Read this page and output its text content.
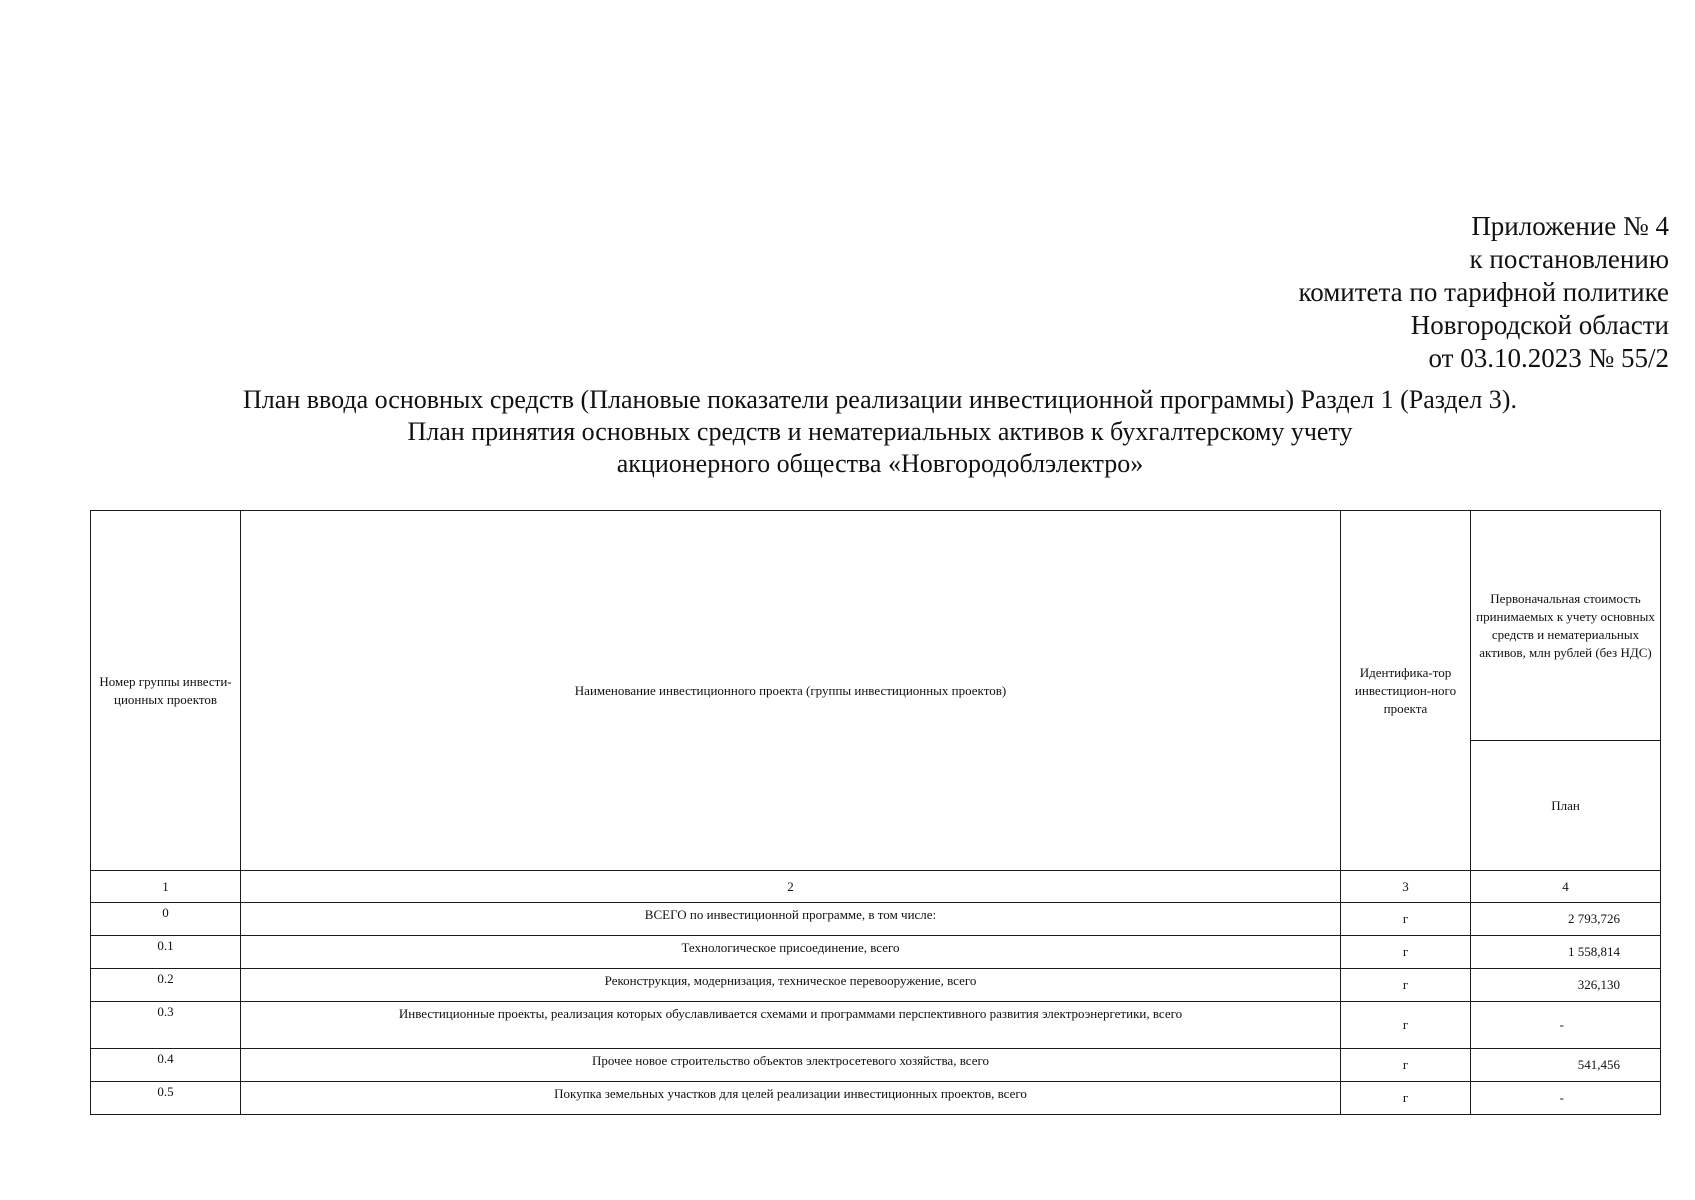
Приложение № 4
к постановлению
комитета по тарифной политике
Новгородской области
от 03.10.2023 № 55/2
План ввода основных средств (Плановые показатели реализации инвестиционной программы) Раздел 1 (Раздел 3).
План принятия основных средств и нематериальных активов к бухгалтерскому учету
акционерного общества «Новгородоблэлектро»
Номер группы инвести-ционных проектов	Наименование инвестиционного проекта (группы инвестиционных проектов)	Идентифика-тор инвестицион-ного проекта	Первоначальная стоимость принимаемых к учету основных средств и нематериальных активов, млн рублей (без НДС)
			План
1	2	3	4
0	ВСЕГО по инвестиционной программе, в том числе:	г	2 793,726
0.1	Технологическое присоединение, всего	г	1 558,814
0.2	Реконструкция, модернизация, техническое перевооружение, всего	г	326,130
0.3	Инвестиционные проекты, реализация которых обуславливается схемами и программами перспективного развития электроэнергетики, всего	г	-
0.4	Прочее новое строительство объектов электросетевого хозяйства, всего	г	541,456
0.5	Покупка земельных участков для целей реализации инвестиционных проектов, всего	г	-
